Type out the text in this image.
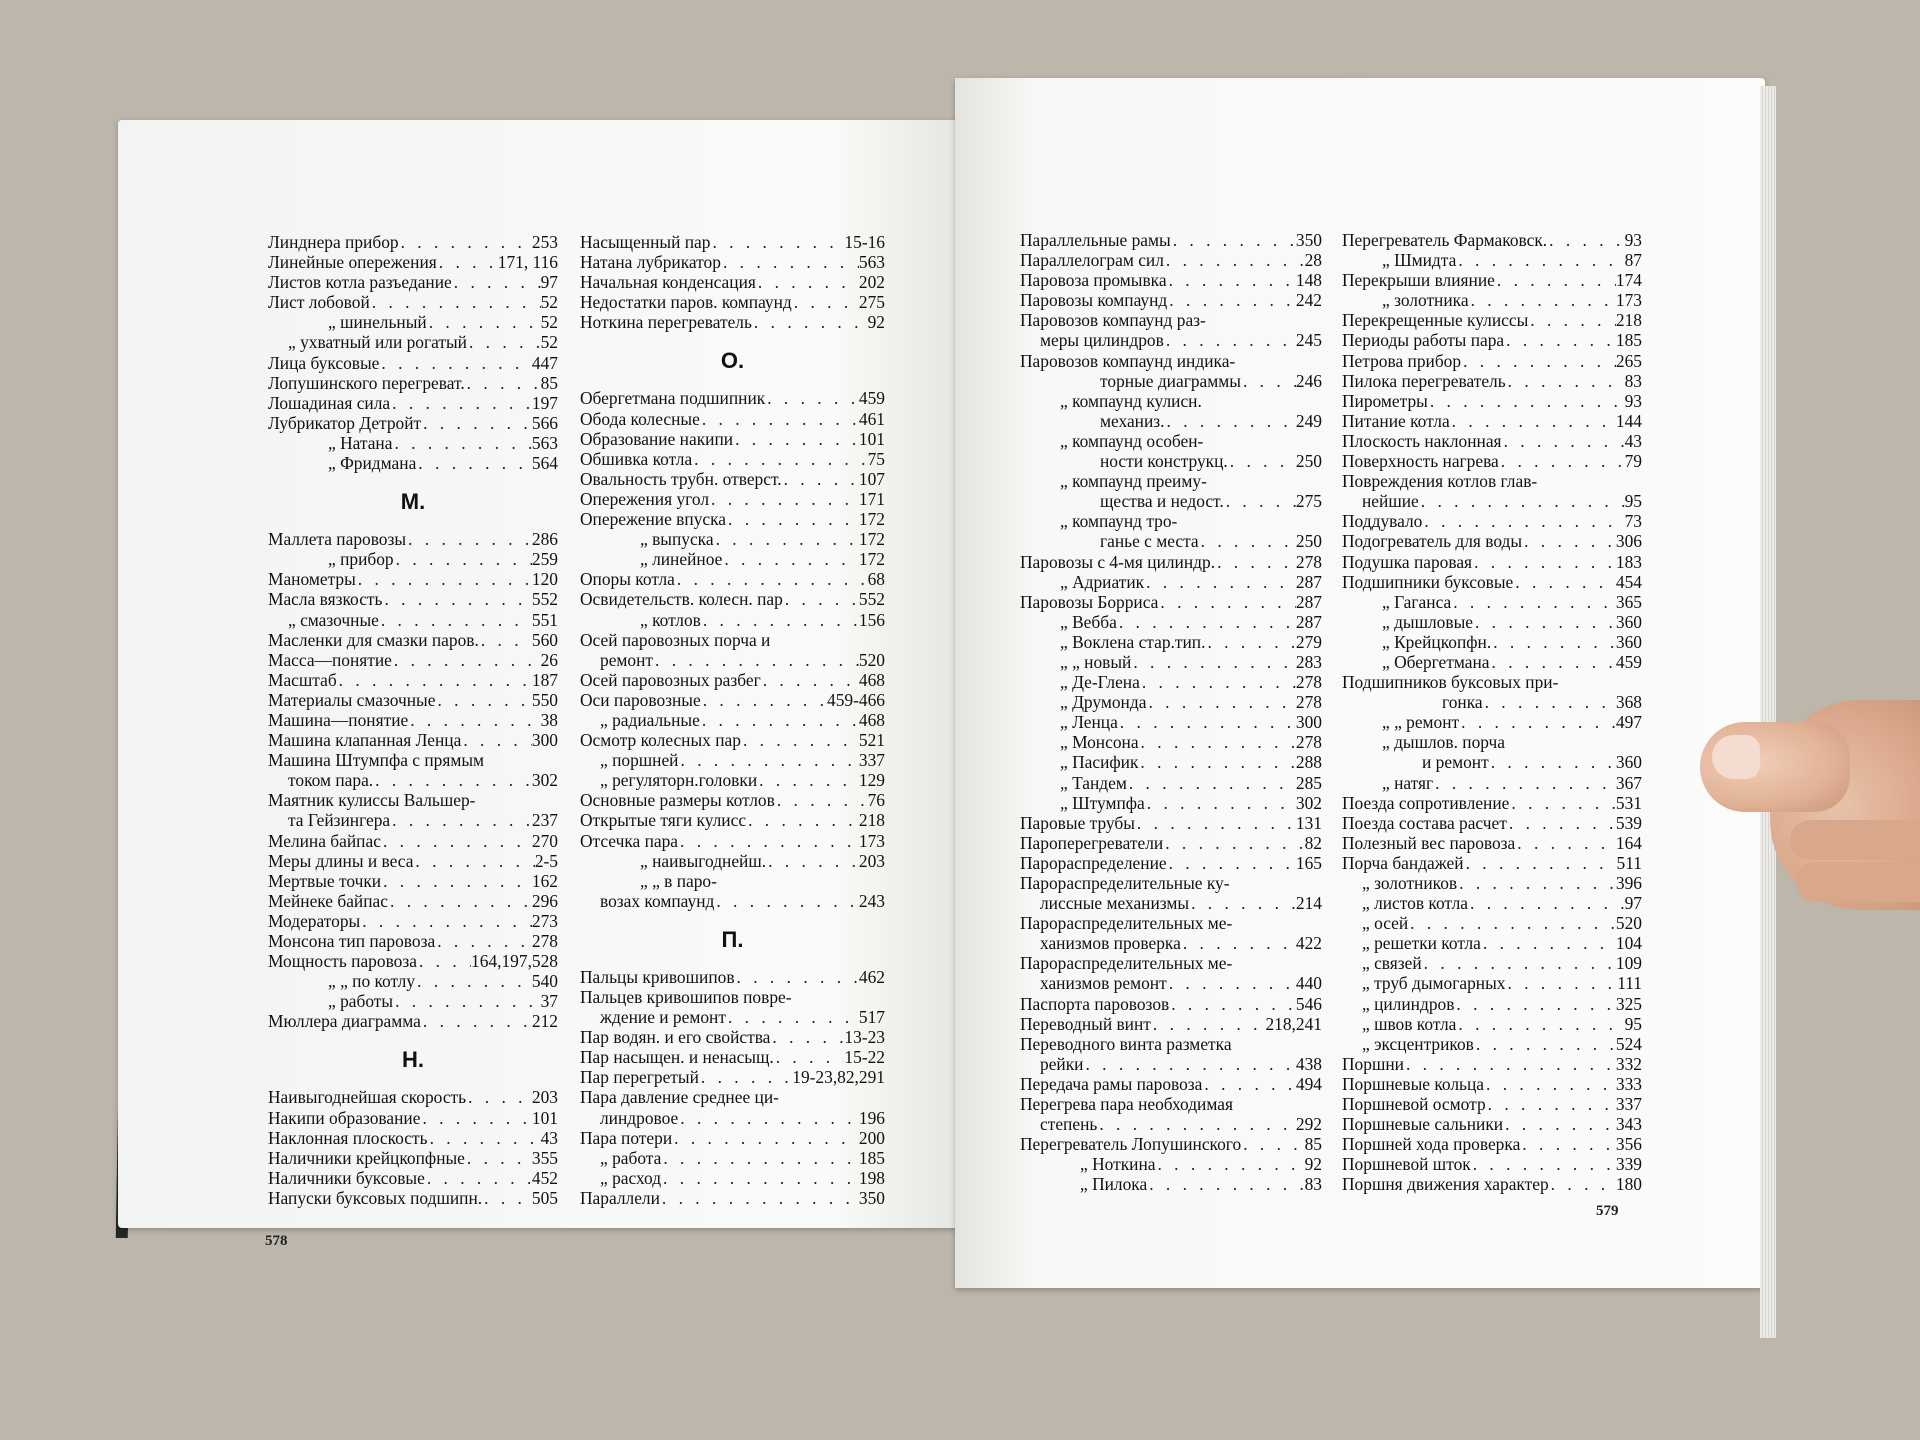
Линднера прибор . . .	253
Линейные опережения . . .	171, 116
Листов котла разъедание . . .	97
Лист лобовой . . .	52
„ шинельный . . .	52
„ ухватный или рогатый . . .	52
Лица буксовые . . .	447
Лопушинского перегреват. . . .	85
Лошадиная сила . . .	197
Лубрикатор Детройт . . .	566
„ Натана . . .	563
„ Фридмана . . .	564
М.
Маллета паровозы . . .	286
„ прибор . . .	259
Манометры . . .	120
Масла вязкость . . .	552
„ смазочные . . .	551
Масленки для смазки паров. . . .	560
Масса—понятие . . .	26
Масштаб . . .	187
Материалы смазочные . . .	550
Машина—понятие . . .	38
Машина клапанная Ленца . . .	300
Машина Штумпфа с прямым
током пара. . . .	302
Маятник кулиссы Вальшер-
та Гейзингера . . .	237
Мелина байпас . . .	270
Меры длины и веса . . .	2-5
Мертвые точки . . .	162
Мейнеке байпас . . .	296
Модераторы . . .	273
Монсона тип паровоза . . .	278
Мощность паровоза . . .	164,197,528
„ „ по котлу . . .	540
„ работы . . .	37
Мюллера диаграмма . . .	212
Н.
Наивыгоднейшая скорость . . .	203
Накипи образование . . .	101
Наклонная плоскость . . .	43
Наличники крейцкопфные . . .	355
Наличники буксовые . . .	452
Напуски буксовых подшипн. . . .	505
Насыщенный пар . . .	15-16
Натана лубрикатор . . .	563
Начальная конденсация . . .	202
Недостатки паров. компаунд . . .	275
Ноткина перегреватель . . .	92
О.
Обергетмана подшипник . . .	459
Обода колесные . . .	461
Образование накипи . . .	101
Обшивка котла . . .	75
Овальность трубн. отверст. . . .	107
Опережения угол . . .	171
Опережение впуска . . .	172
„ выпуска . . .	172
„ линейное . . .	172
Опоры котла . . .	68
Освидетельств. колесн. пар . . .	552
„ котлов . . .	156
Осей паровозных порча и
ремонт . . .	520
Осей паровозных разбег . . .	468
Оси паровозные . . .	459-466
„ радиальные . . .	468
Осмотр колесных пар . . .	521
„ поршней . . .	337
„ регуляторн.головки . . .	129
Основные размеры котлов . . .	76
Открытые тяги кулисс . . .	218
Отсечка пара . . .	173
„ наивыгоднейш. . . .	203
„ „ в паро-
возах компаунд . . .	243
П.
Пальцы кривошипов . . .	462
Пальцев кривошипов повре-
ждение и ремонт . . .	517
Пар водян. и его свойства . . .	13-23
Пар насыщен. и ненасыщ. . . .	15-22
Пар перегретый . . .	19-23,82,291
Пара давление среднее ци-
линдровое . . .	196
Пара потери . . .	200
„ работа . . .	185
„ расход . . .	198
Параллели . . .	350
578
Параллельные рамы . . .	350
Параллелограм сил . . .	28
Паровоза промывка . . .	148
Паровозы компаунд . . .	242
Паровозов компаунд раз-
меры цилиндров . . .	245
Паровозов компаунд индика-
торные диаграммы . . .	246
„ компаунд кулисн.
механиз. . . .	249
„ компаунд особен-
ности конструкц. . . .	250
„ компаунд преиму-
щества и недост. . . .	275
„ компаунд тро-
ганье с места . . .	250
Паровозы с 4-мя цилиндр. . . .	278
„ Адриатик . . .	287
Паровозы Борриса . . .	287
„ Вебба . . .	287
„ Воклена стар.тип. . . .	279
„ „ новый . . .	283
„ Де-Глена . . .	278
„ Друмонда . . .	278
„ Ленца . . .	300
„ Монсона . . .	278
„ Пасифик . . .	288
„ Тандем . . .	285
„ Штумпфа . . .	302
Паровые трубы . . .	131
Пароперегреватели . . .	82
Парораспределение . . .	165
Парораспределительные ку-
лиссные механизмы . . .	214
Парораспределительных ме-
ханизмов проверка . . .	422
Парораспределительных ме-
ханизмов ремонт . . .	440
Паспорта паровозов . . .	546
Переводный винт . . .	218,241
Переводного винта разметка
рейки . . .	438
Передача рамы паровоза . . .	494
Перегрева пара необходимая
степень . . .	292
Перегреватель Лопушинского . . .	85
„ Ноткина . . .	92
„ Пилока . . .	83
Перегреватель Фармаковск. . . .	93
„ Шмидта . . .	87
Перекрыши влияние . . .	174
„ золотника . . .	173
Перекрещенные кулиссы . . .	218
Периоды работы пара . . .	185
Петрова прибор . . .	265
Пилока перегреватель . . .	83
Пирометры . . .	93
Питание котла . . .	144
Плоскость наклонная . . .	43
Поверхность нагрева . . .	79
Повреждения котлов глав-
нейшие . . .	95
Поддувало . . .	73
Подогреватель для воды . . .	306
Подушка паровая . . .	183
Подшипники буксовые . . .	454
„ Гаганса . . .	365
„ дышловые . . .	360
„ Крейцкопфн. . . .	360
„ Обергетмана . . .	459
Подшипников буксовых при-
гонка . . .	368
„ „ ремонт . . .	497
„ дышлов. порча
и ремонт . . .	360
„ натяг . . .	367
Поезда сопротивление . . .	531
Поезда состава расчет . . .	539
Полезный вес паровоза . . .	164
Порча бандажей . . .	511
„ золотников . . .	396
„ листов котла . . .	97
„ осей . . .	520
„ решетки котла . . .	104
„ связей . . .	109
„ труб дымогарных . . .	111
„ цилиндров . . .	325
„ швов котла . . .	95
„ эксцентриков . . .	524
Поршни . . .	332
Поршневые кольца . . .	333
Поршневой осмотр . . .	337
Поршневые сальники . . .	343
Поршней хода проверка . . .	356
Поршневой шток . . .	339
Поршня движения характер . . .	180
579
